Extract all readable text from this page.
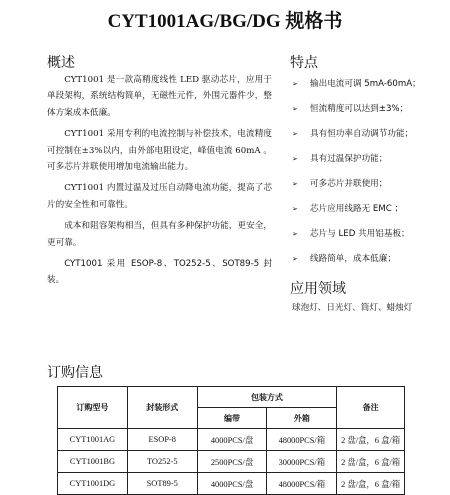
CYT1001AG/BG/DG 规格书
概述

CYT1001 是一款高精度线性 LED 驱动芯片，应用于单段架构，系统结构简单，无磁性元件，外围元器件少，整体方案成本低廉。

CYT1001 采用专利的电流控制与补偿技术，电流精度可控制在±3%以内，由外部电阻设定，峰值电流 60mA 。可多芯片并联使用增加电流输出能力。

CYT1001 内置过温及过压自动降电流功能，提高了芯片的安全性和可靠性。

成本和阻容架构相当，但具有多种保护功能，更安全，更可靠。

CYT1001 采用 ESOP-8、TO252-5、SOT89-5 封装。

特点
➢ 输出电流可调 5mA-60mA；
➢ 恒流精度可以达到±3%；
➢ 具有恒功率自动调节功能；
➢ 具有过温保护功能；
➢ 可多芯片并联使用；
➢ 芯片应用线路无 EMC ；
➢ 芯片与 LED 共用铝基板；
➢ 线路简单，成本低廉；
应用领域
球泡灯、日光灯、筒灯、蜡烛灯
订购信息
订购型号	封装形式	包装方式		备注
		编带	外箱	
CYT1001AG	ESOP-8	4000PCS/盘	48000PCS/箱	2 盘/盒，6 盒/箱
CYT1001BG	TO252-5	2500PCS/盘	30000PCS/箱	2 盘/盒，6 盒/箱
CYT1001DG	SOT89-5	4000PCS/盘	48000PCS/箱	2 盘/盒，6 盒/箱
